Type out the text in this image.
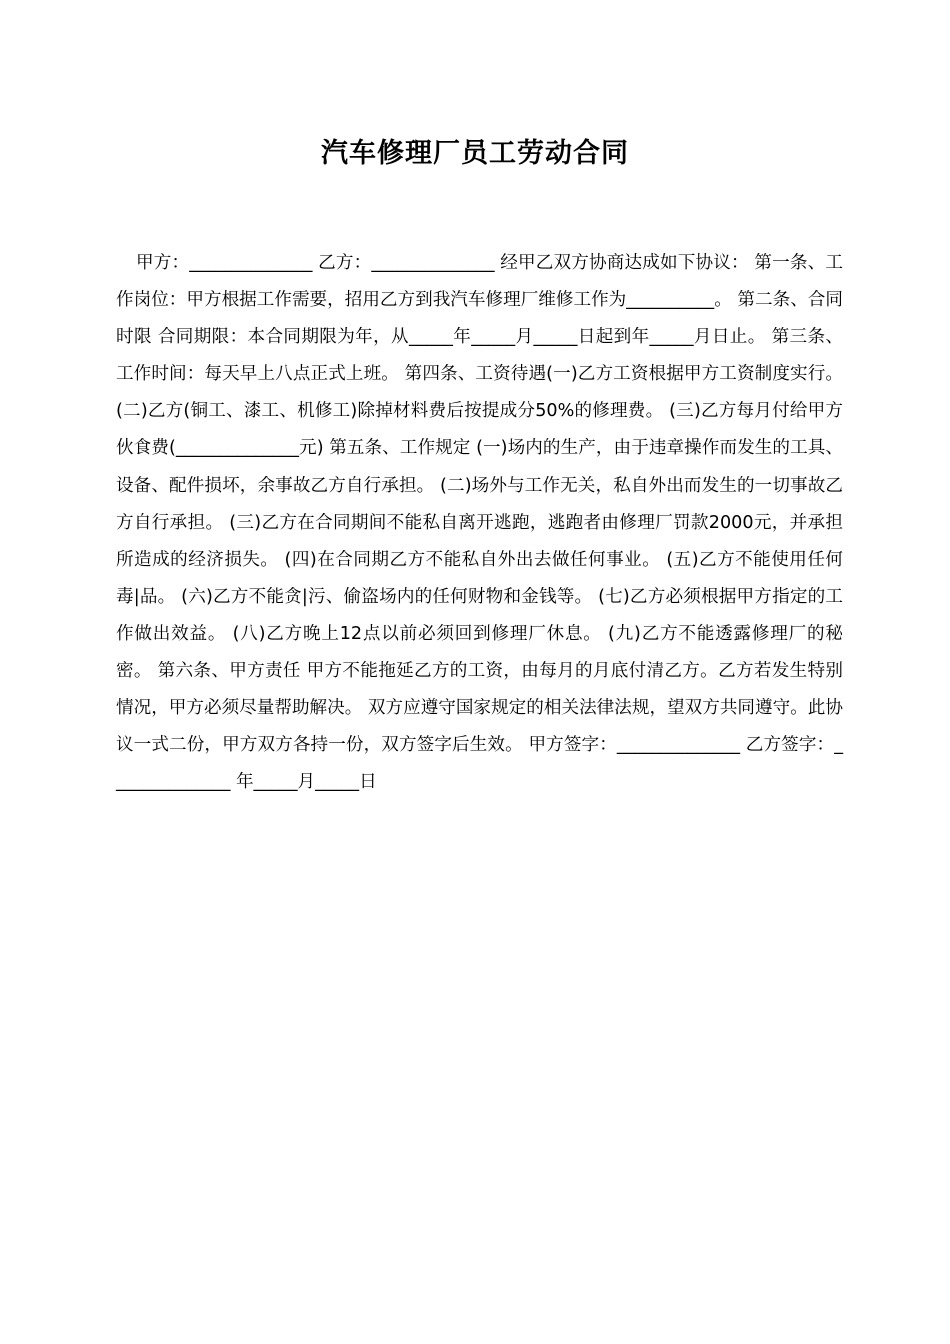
汽车修理厂员工劳动合同
甲方：______________ 乙方：______________ 经甲乙双方协商达成如下协议： 第一条、工作岗位：甲方根据工作需要，招用乙方到我汽车修理厂维修工作为__________。 第二条、合同时限 合同期限：本合同期限为年，从_____年_____月_____日起到年_____月日止。 第三条、工作时间：每天早上八点正式上班。 第四条、工资待遇(一)乙方工资根据甲方工资制度实行。 (二)乙方(铜工、漆工、机修工)除掉材料费后按提成分50%的修理费。 (三)乙方每月付给甲方伙食费(______________元) 第五条、工作规定 (一)场内的生产，由于违章操作而发生的工具、设备、配件损坏，余事故乙方自行承担。 (二)场外与工作无关，私自外出而发生的一切事故乙方自行承担。 (三)乙方在合同期间不能私自离开逃跑，逃跑者由修理厂罚款2000元，并承担所造成的经济损失。 (四)在合同期乙方不能私自外出去做任何事业。 (五)乙方不能使用任何毒|品。 (六)乙方不能贪|污、偷盗场内的任何财物和金钱等。 (七)乙方必须根据甲方指定的工作做出效益。 (八)乙方晚上12点以前必须回到修理厂休息。 (九)乙方不能透露修理厂的秘密。 第六条、甲方责任 甲方不能拖延乙方的工资，由每月的月底付清乙方。乙方若发生特别情况，甲方必须尽量帮助解决。 双方应遵守国家规定的相关法律法规，望双方共同遵守。此协议一式二份，甲方双方各持一份，双方签字后生效。 甲方签字：______________ 乙方签字：______________ 年_____月_____日
